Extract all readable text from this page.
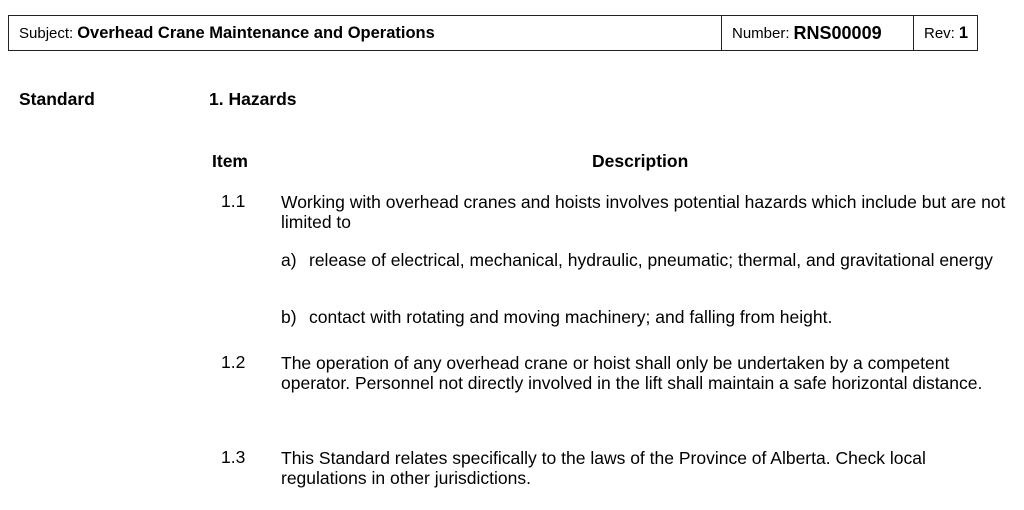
Subject: Overhead Crane Maintenance and Operations	Number: RNS00009	Rev: 1
Standard	1. Hazards
Item	Description
1.1 Working with overhead cranes and hoists involves potential hazards which include but are not limited to
a) release of electrical, mechanical, hydraulic, pneumatic; thermal, and gravitational energy
b) contact with rotating and moving machinery; and falling from height.
1.2 The operation of any overhead crane or hoist shall only be undertaken by a competent operator. Personnel not directly involved in the lift shall maintain a safe horizontal distance.
1.3 This Standard relates specifically to the laws of the Province of Alberta. Check local regulations in other jurisdictions.
